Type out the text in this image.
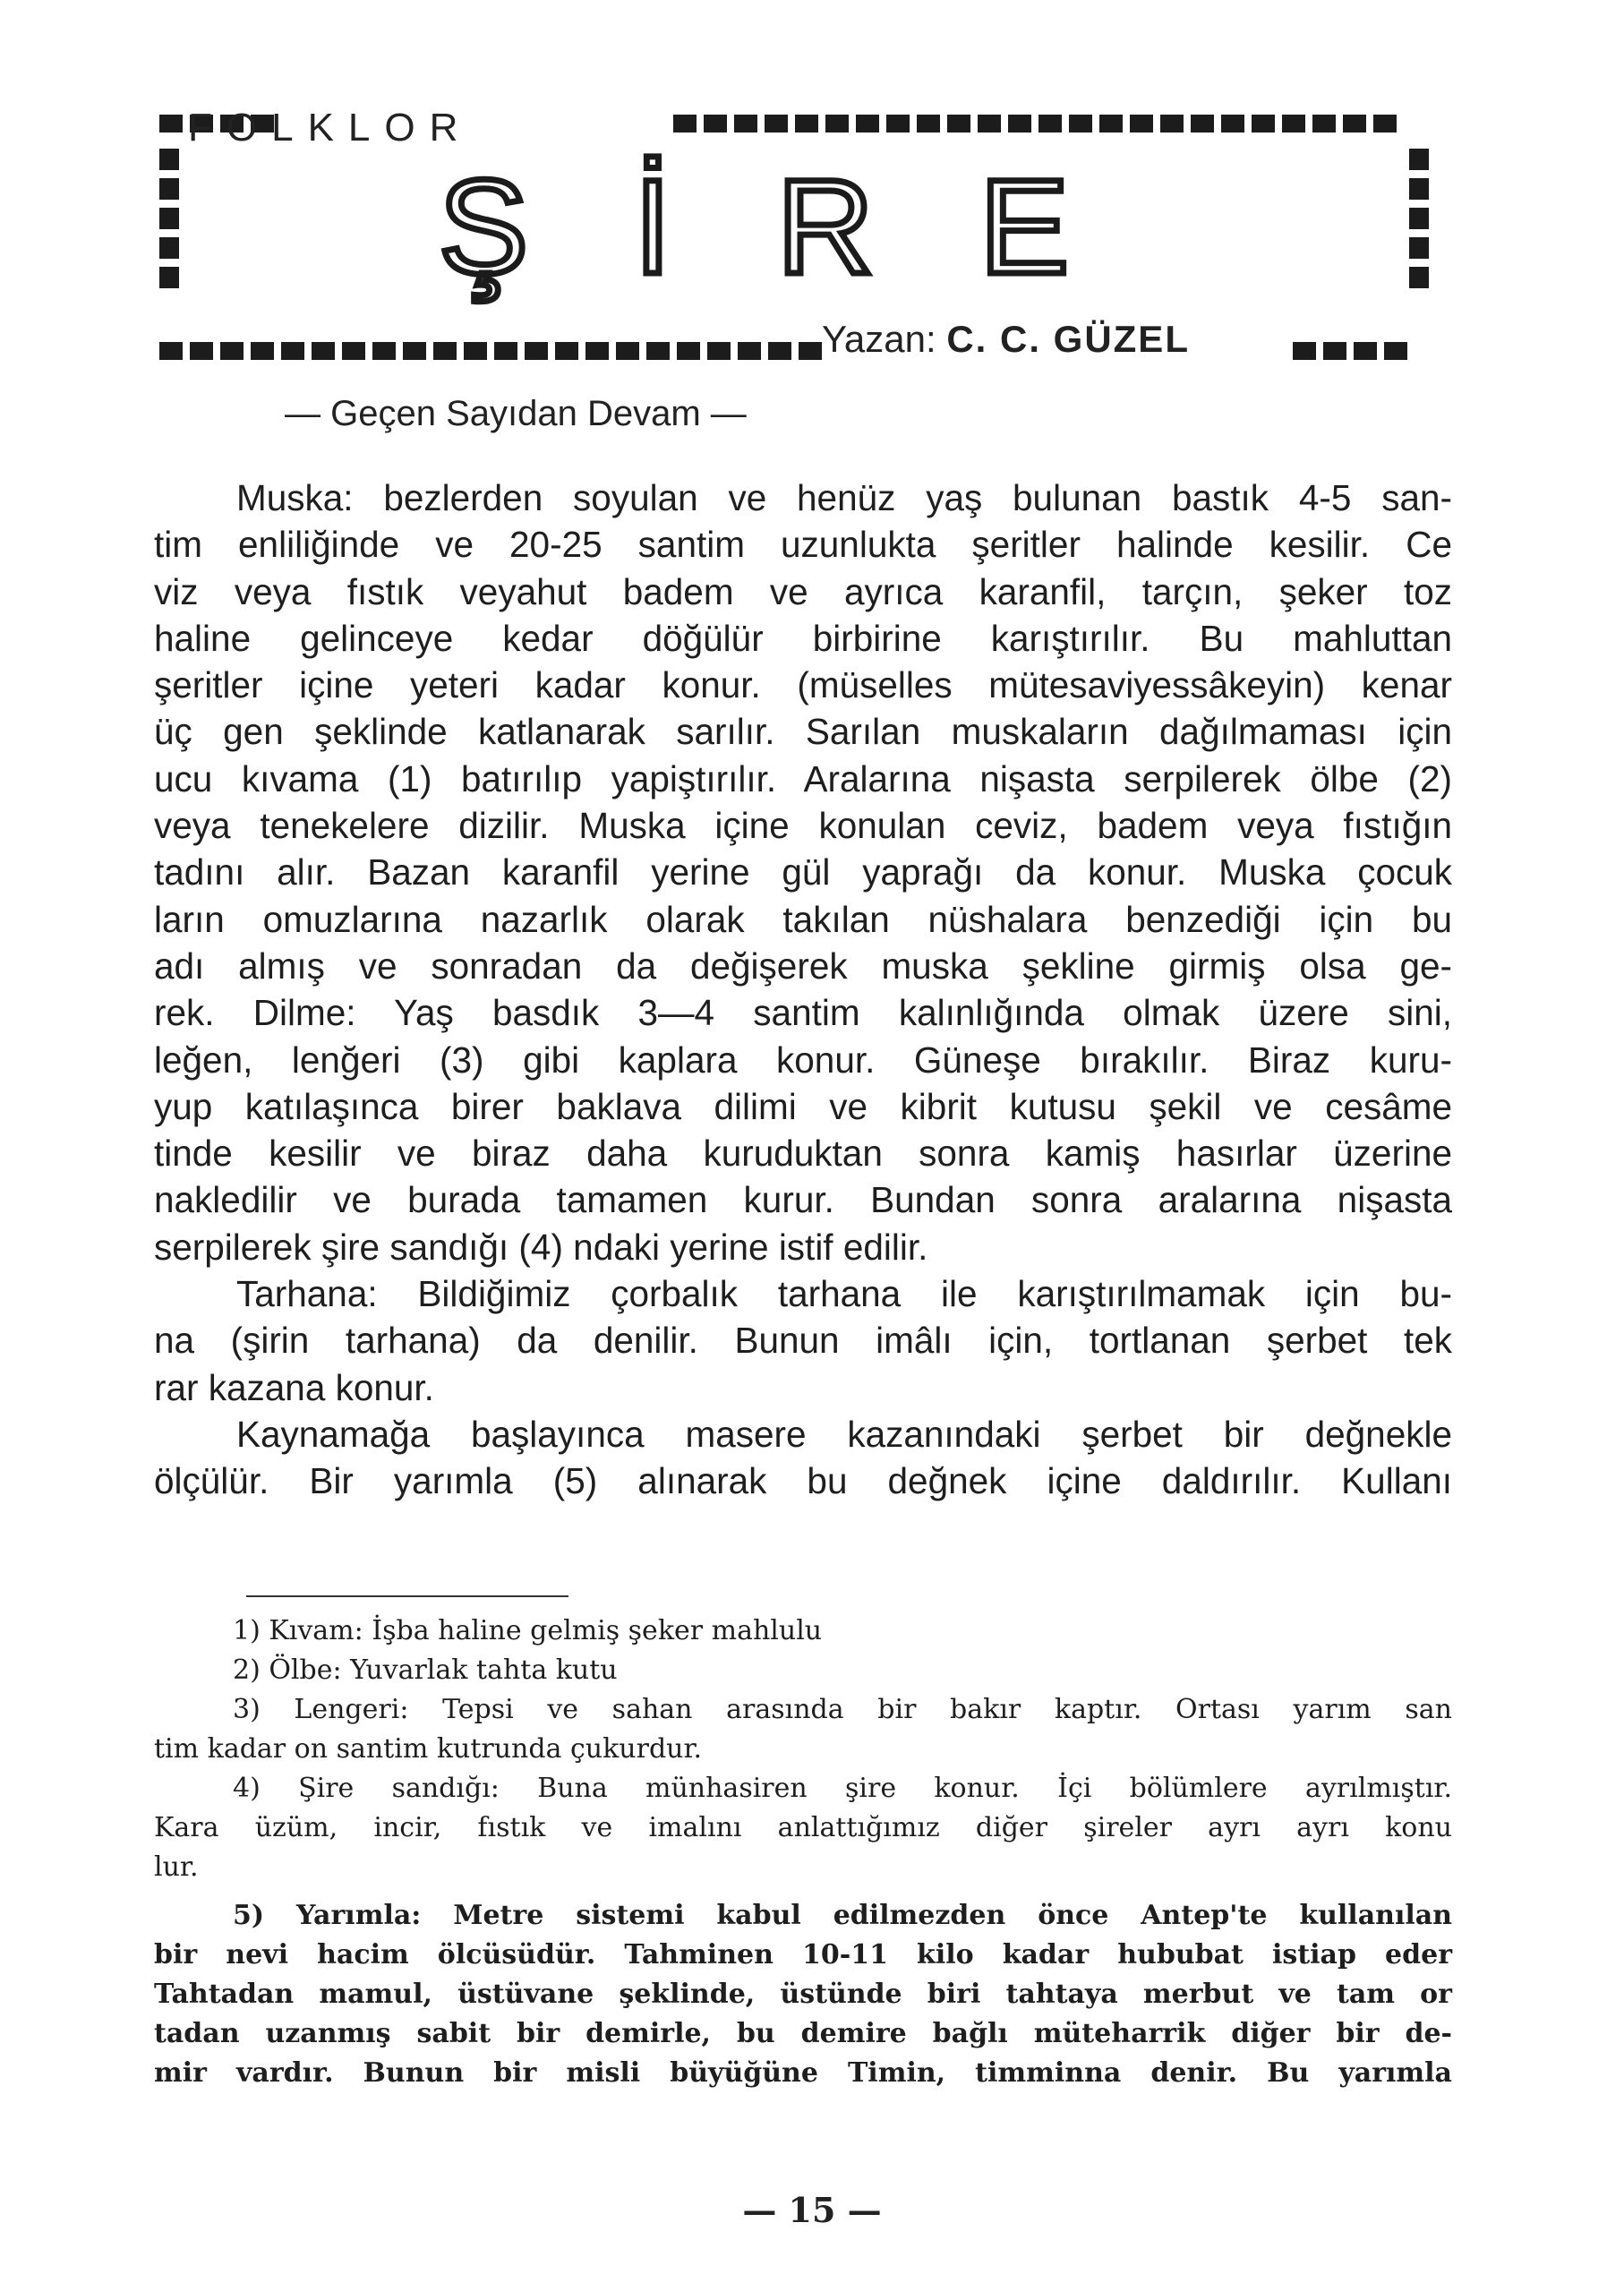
FOLKLOR
ŞİRE
Yazan: C. C. GÜZEL
— Geçen Sayıdan Devam —
Muskа: bezlerden soyulan ve henüz yaş bulunan bastık 4-5 san-
tim enliliğinde ve 20-25 santim uzunlukta şeritler halinde kesilir. Ce
viz veya fıstık veyahut badem ve ayrıca karanfil, tarçın, şeker toz
haline gelinceye kedar döğülür birbirine karıştırılır. Bu mahluttan
şeritler içine yeteri kadar konur. (müselles mütesaviyessâkeyin) kenar
üç gen şeklinde katlanarak sarılır. Sarılan muskaların dağılmaması için
ucu kıvama (1) batırılıp yapiştırılır. Aralarına nişasta serpilerek ölbe (2)
veya tenekelere dizilir. Muska içine konulan ceviz, badem veya fıstığın
tadını alır. Bazan karanfil yerine gül yaprağı da konur. Muska çocuk
ların omuzlarına nazarlık olarak takılan nüshalara benzediği için bu
adı almış ve sonradan da değişerek muska şekline girmiş olsa ge-
rek. Dilme: Yaş basdık 3—4 santim kalınlığında olmak üzere sini,
leğen, lenğeri (3) gibi kaplara konur. Güneşe bırakılır. Biraz kuru-
yup katılaşınca birer baklava dilimi ve kibrit kutusu şekil ve cesâme
tinde kesilir ve biraz daha kuruduktan sonra kamiş hasırlar üzerine
nakledilir ve burada tamamen kurur. Bundan sonra aralarına nişasta
serpilerek şire sandığı (4) ndaki yerine istif edilir.
Tarhana: Bildiğimiz çorbalık tarhana ile karıştırılmamak için bu-
na (şirin tarhana) da denilir. Bunun imâlı için, tortlanan şerbet tek
rar kazana konur.
Kaynamağa başlayınca masere kazanındaki şerbet bir değnekle
ölçülür. Bir yarımla (5) alınarak bu değnek içine daldırılır. Kullanı
1) Kıvam: İşba haline gelmiş şeker mahlulu
2) Ölbe: Yuvarlak tahta kutu
3) Lengeri: Tepsi ve sahan arasında bir bakır kaptır. Ortası yarım san
tim kadar on santim kutrunda çukurdur.
4) Şire sandığı: Buna münhasiren şire konur. İçi bölümlere ayrılmıştır.
Kara üzüm, incir, fıstık ve imalını anlattığımız diğer şireler ayrı ayrı konu
lur.
5) Yarımla: Metre sistemi kabul edilmezden önce Antep'te kullanılan
bir nevi hacim ölcüsüdür. Tahminen 10-11 kilo kadar hububat istiap eder
Tahtadan mamul, üstüvane şeklinde, üstünde biri tahtaya merbut ve tam or
tadan uzanmış sabit bir demirle, bu demire bağlı müteharrik diğer bir de-
mir vardır. Bunun bir misli büyüğüne Timin, timminna denir. Bu yarımla
— 15 —
